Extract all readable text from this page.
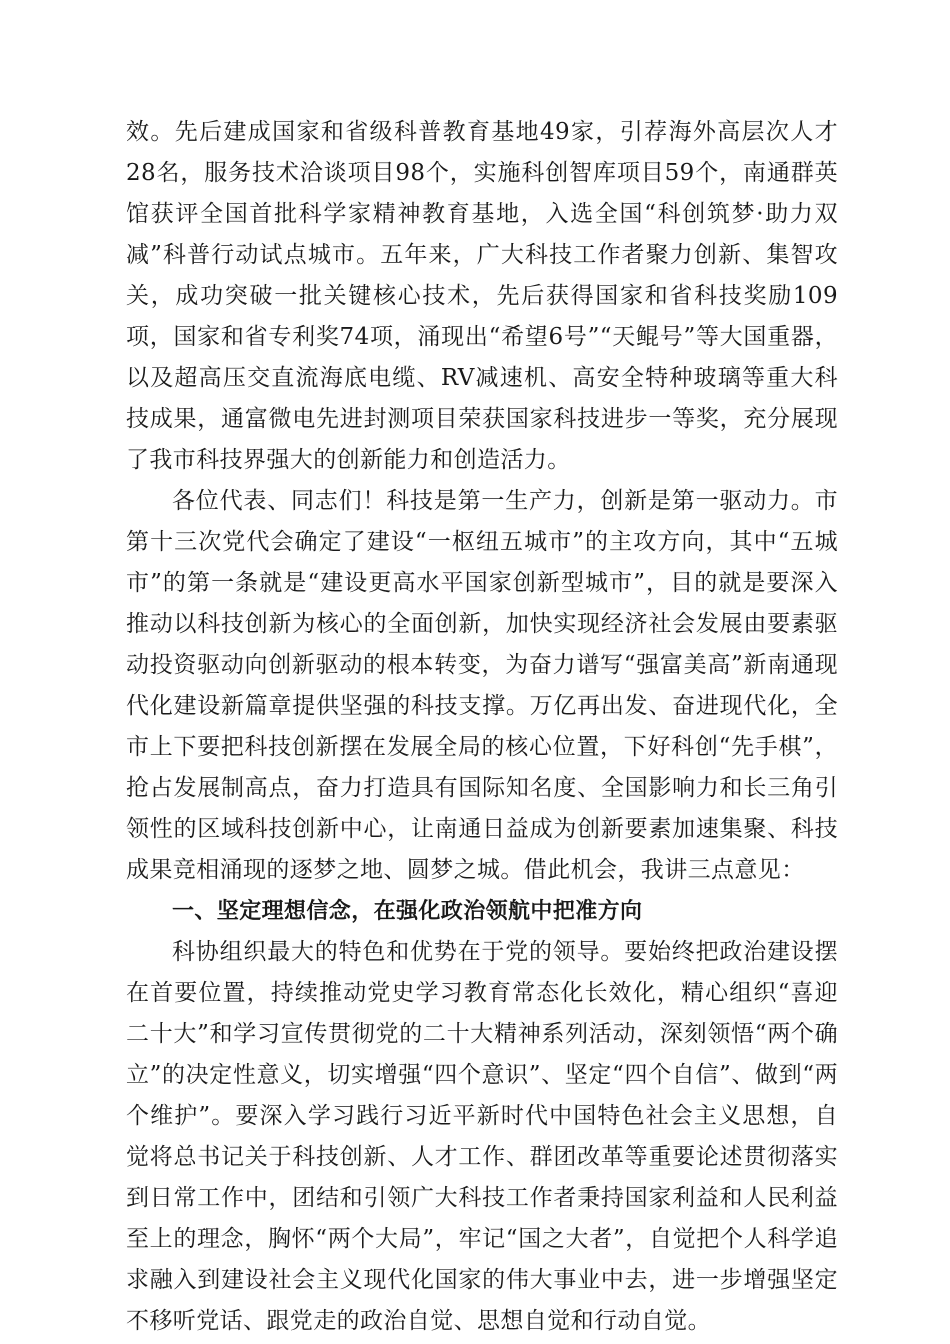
效。先后建成国家和省级科普教育基地49家，引荐海外高层次人才28名，服务技术洽谈项目98个，实施科创智库项目59个，南通群英馆获评全国首批科学家精神教育基地，入选全国“科创筑梦·助力双减”科普行动试点城市。五年来，广大科技工作者聚力创新、集智攻关，成功突破一批关键核心技术，先后获得国家和省科技奖励109项，国家和省专利奖74项，涌现出“希望6号”“天鲲号”等大国重器，以及超高压交直流海底电缆、RV减速机、高安全特种玻璃等重大科技成果，通富微电先进封测项目荣获国家科技进步一等奖，充分展现了我市科技界强大的创新能力和创造活力。

各位代表、同志们！科技是第一生产力，创新是第一驱动力。市第十三次党代会确定了建设“一枢纽五城市”的主攻方向，其中“五城市”的第一条就是“建设更高水平国家创新型城市”，目的就是要深入推动以科技创新为核心的全面创新，加快实现经济社会发展由要素驱动投资驱动向创新驱动的根本转变，为奋力谱写“强富美高”新南通现代化建设新篇章提供坚强的科技支撑。万亿再出发、奋进现代化，全市上下要把科技创新摆在发展全局的核心位置，下好科创“先手棋”，抢占发展制高点，奋力打造具有国际知名度、全国影响力和长三角引领性的区域科技创新中心，让南通日益成为创新要素加速集聚、科技成果竞相涌现的逐梦之地、圆梦之城。借此机会，我讲三点意见：

一、坚定理想信念，在强化政治领航中把准方向

科协组织最大的特色和优势在于党的领导。要始终把政治建设摆在首要位置，持续推动党史学习教育常态化长效化，精心组织“喜迎二十大”和学习宣传贯彻党的二十大精神系列活动，深刻领悟“两个确立”的决定性意义，切实增强“四个意识”、坚定“四个自信”、做到“两个维护”。要深入学习践行习近平新时代中国特色社会主义思想，自觉将总书记关于科技创新、人才工作、群团改革等重要论述贯彻落实到日常工作中，团结和引领广大科技工作者秉持国家利益和人民利益至上的理念，胸怀“两个大局”，牢记“国之大者”，自觉把个人科学追求融入到建设社会主义现代化国家的伟大事业中去，进一步增强坚定不移听党话、跟党走的政治自觉、思想自觉和行动自觉。
